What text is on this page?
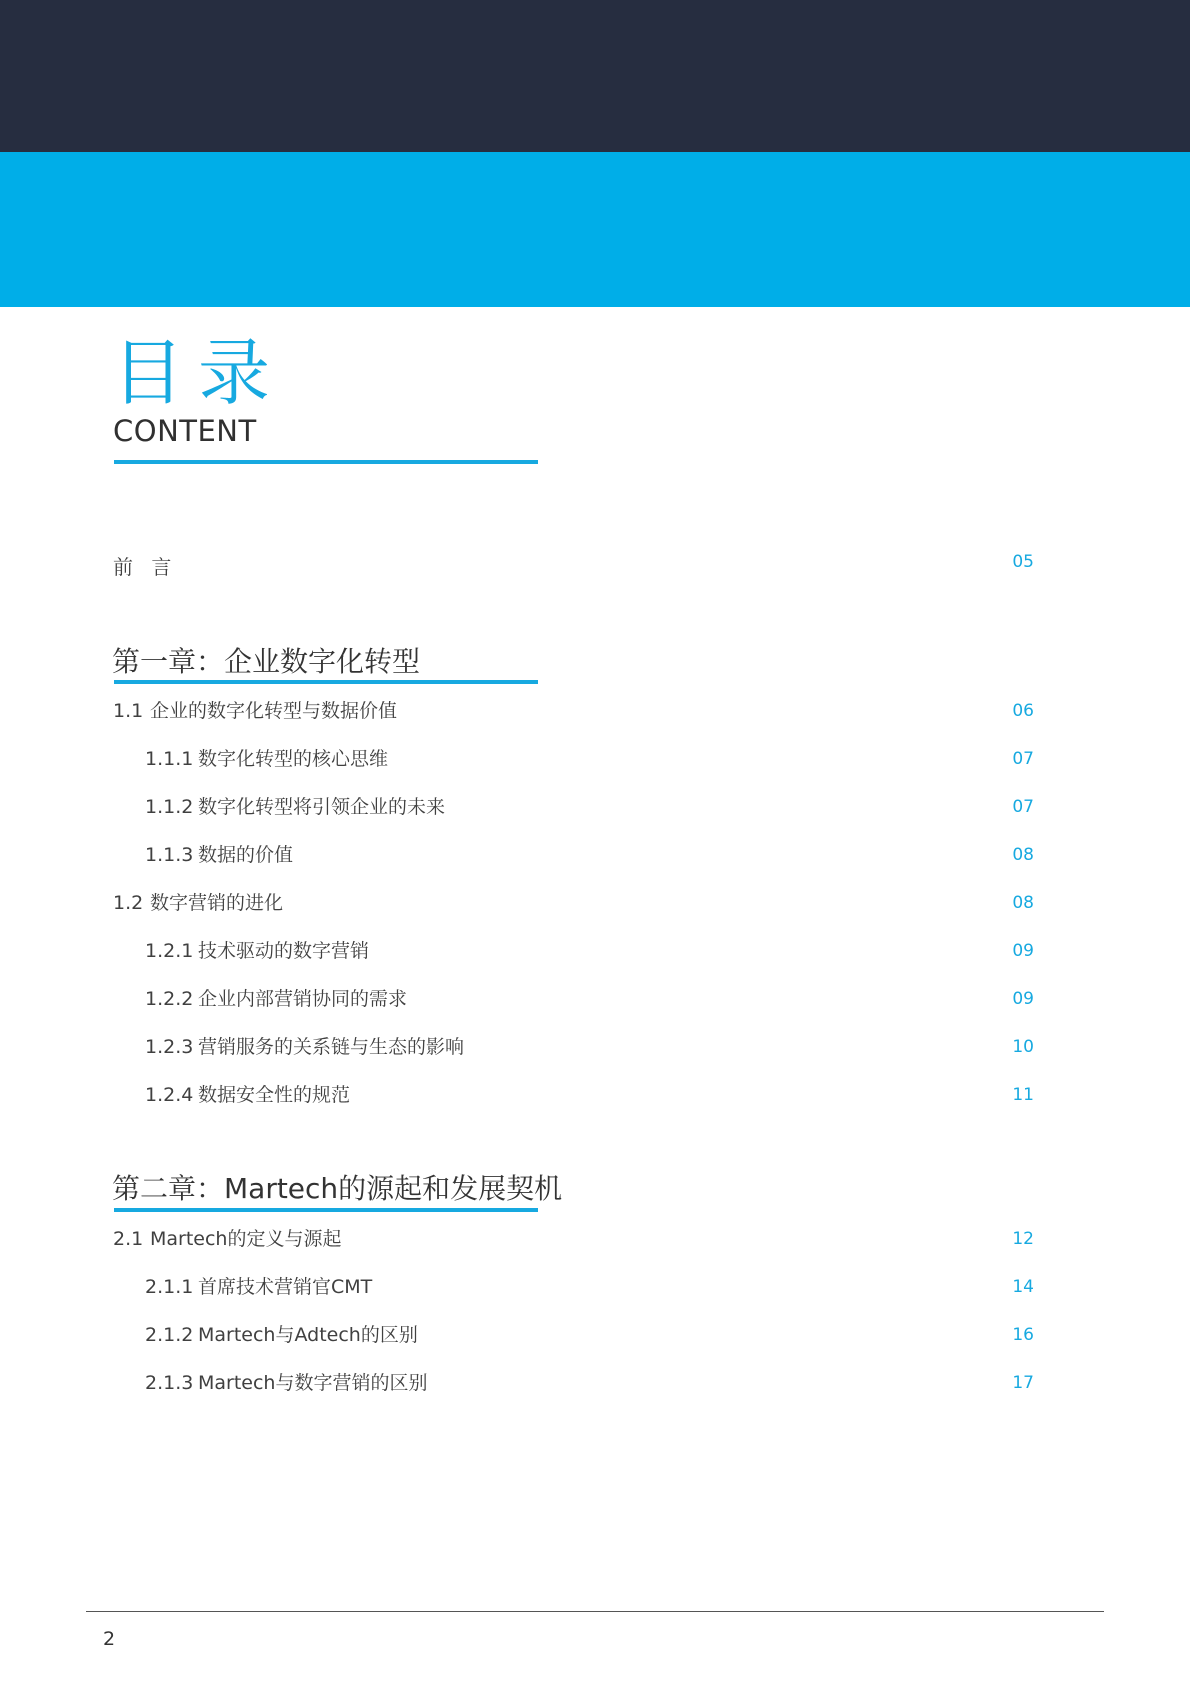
目录
CONTENT
前 言	05
第一章：企业数字化转型
1.1 企业的数字化转型与数据价值	06
1.1.1 数字化转型的核心思维	07
1.1.2 数字化转型将引领企业的未来	07
1.1.3 数据的价值	08
1.2 数字营销的进化	08
1.2.1 技术驱动的数字营销	09
1.2.2 企业内部营销协同的需求	09
1.2.3 营销服务的关系链与生态的影响	10
1.2.4 数据安全性的规范	11
第二章：Martech的源起和发展契机
2.1 Martech的定义与源起	12
2.1.1 首席技术营销官CMT	14
2.1.2 Martech与Adtech的区别	16
2.1.3 Martech与数字营销的区别	17
2
